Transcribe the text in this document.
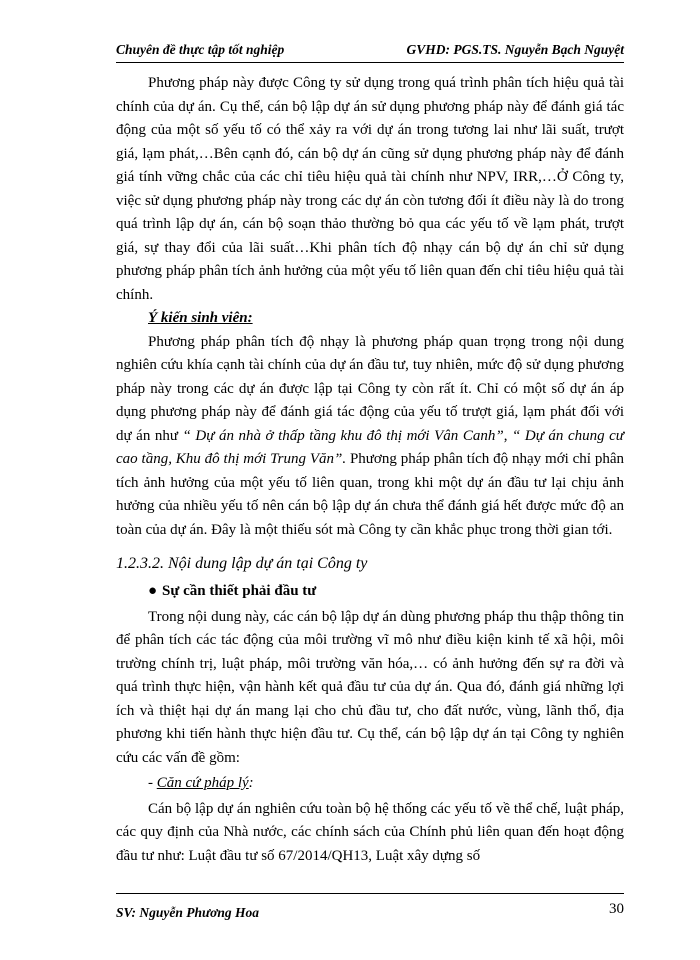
Chuyên đề thực tập tốt nghiệp	GVHD: PGS.TS. Nguyễn Bạch Nguyệt

Phương pháp này được Công ty sử dụng trong quá trình phân tích hiệu quả tài chính của dự án. Cụ thể, cán bộ lập dự án sử dụng phương pháp này để đánh giá tác động của một số yếu tố có thể xảy ra với dự án trong tương lai như lãi suất, trượt giá, lạm phát,…Bên cạnh đó, cán bộ dự án cũng sử dụng phương pháp này để đánh giá tính vững chắc của các chỉ tiêu hiệu quả tài chính như NPV, IRR,…Ở Công ty, việc sử dụng phương pháp này trong các dự án còn tương đối ít điều này là do trong quá trình lập dự án, cán bộ soạn thảo thường bỏ qua các yếu tố về lạm phát, trượt giá, sự thay đổi của lãi suất…Khi phân tích độ nhạy cán bộ dự án chỉ sử dụng phương pháp phân tích ảnh hưởng của một yếu tố liên quan đến chỉ tiêu hiệu quả tài chính.

Ý kiến sinh viên:

Phương pháp phân tích độ nhạy là phương pháp quan trọng trong nội dung nghiên cứu khía cạnh tài chính của dự án đầu tư, tuy nhiên, mức độ sử dụng phương pháp này trong các dự án được lập tại Công ty còn rất ít. Chỉ có một số dự án áp dụng phương pháp này để đánh giá tác động của yếu tố trượt giá, lạm phát đối với dự án như “ Dự án nhà ở thấp tầng khu đô thị mới Vân Canh”, “ Dự án chung cư cao tầng, Khu đô thị mới Trung Văn”. Phương pháp phân tích độ nhạy mới chỉ phân tích ảnh hưởng của một yếu tố liên quan, trong khi một dự án đầu tư lại chịu ảnh hưởng của nhiều yếu tố nên cán bộ lập dự án chưa thể đánh giá hết được mức độ an toàn của dự án. Đây là một thiếu sót mà Công ty cần khắc phục trong thời gian tới.

1.2.3.2. Nội dung lập dự án tại Công ty

● Sự cần thiết phải đầu tư

Trong nội dung này, các cán bộ lập dự án dùng phương pháp thu thập thông tin để phân tích các tác động của môi trường vĩ mô như điều kiện kinh tế xã hội, môi trường chính trị, luật pháp, môi trường văn hóa,… có ảnh hưởng đến sự ra đời và quá trình thực hiện, vận hành kết quả đầu tư của dự án. Qua đó, đánh giá những lợi ích và thiệt hại dự án mang lại cho chủ đầu tư, cho đất nước, vùng, lãnh thổ, địa phương khi tiến hành thực hiện đầu tư. Cụ thể, cán bộ lập dự án tại Công ty nghiên cứu các vấn đề gồm:

- Căn cứ pháp lý:

Cán bộ lập dự án nghiên cứu toàn bộ hệ thống các yếu tố về thể chế, luật pháp, các quy định của Nhà nước, các chính sách của Chính phủ liên quan đến hoạt động đầu tư như: Luật đầu tư số 67/2014/QH13, Luật xây dựng số

SV: Nguyễn Phương Hoa	30
